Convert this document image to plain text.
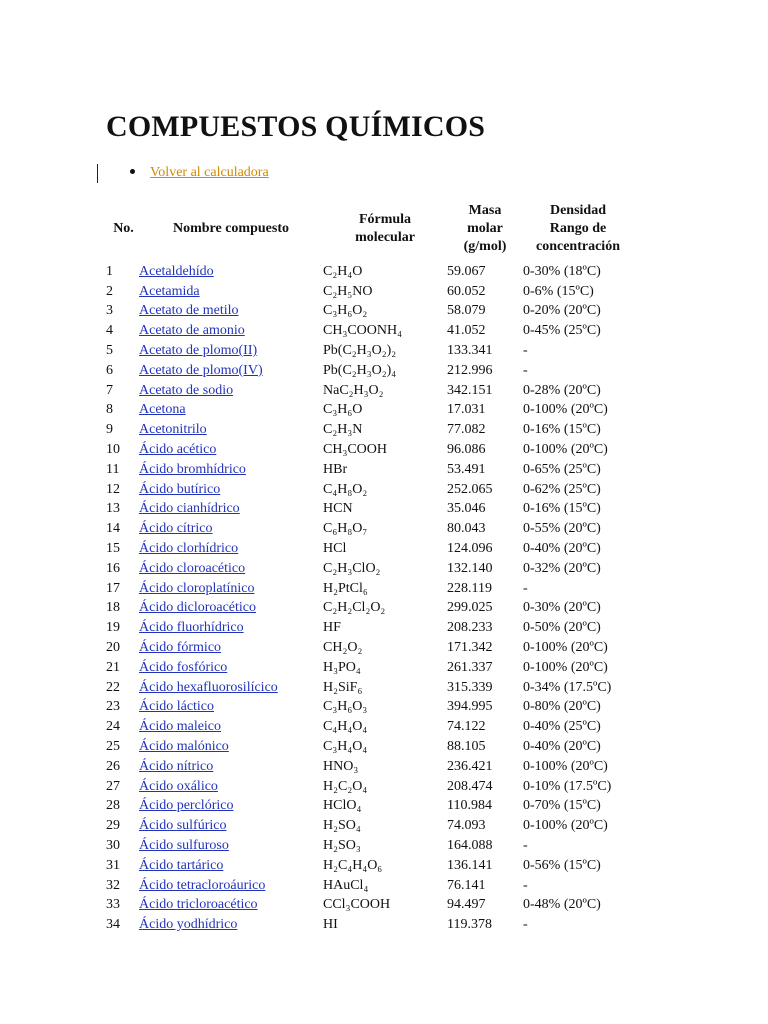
COMPUESTOS QUÍMICOS
Volver al calculadora
No.	Nombre compuesto	Fórmula
molecular	Masa
molar
(g/mol)	Densidad
Rango de
concentración
1	Acetaldehído	C₂H₄O	59.067	0-30% (18ºC)
2	Acetamida	C₂H₅NO	60.052	0-6% (15ºC)
3	Acetato de metilo	C₃H₆O₂	58.079	0-20% (20ºC)
4	Acetato de amonio	CH₃COONH₄	41.052	0-45% (25ºC)
5	Acetato de plomo(II)	Pb(C₂H₃O₂)₂	133.341	-
6	Acetato de plomo(IV)	Pb(C₂H₃O₂)₄	212.996	-
7	Acetato de sodio	NaC₂H₃O₂	342.151	0-28% (20ºC)
8	Acetona	C₃H₆O	17.031	0-100% (20ºC)
9	Acetonitrilo	C₂H₃N	77.082	0-16% (15ºC)
10	Ácido acético	CH₃COOH	96.086	0-100% (20ºC)
11	Ácido bromhídrico	HBr	53.491	0-65% (25ºC)
12	Ácido butírico	C₄H₈O₂	252.065	0-62% (25ºC)
13	Ácido cianhídrico	HCN	35.046	0-16% (15ºC)
14	Ácido cítrico	C₆H₈O₇	80.043	0-55% (20ºC)
15	Ácido clorhídrico	HCl	124.096	0-40% (20ºC)
16	Ácido cloroacético	C₂H₃ClO₂	132.140	0-32% (20ºC)
17	Ácido cloroplatínico	H₂PtCl₆	228.119	-
18	Ácido dicloroacético	C₂H₂Cl₂O₂	299.025	0-30% (20ºC)
19	Ácido fluorhídrico	HF	208.233	0-50% (20ºC)
20	Ácido fórmico	CH₂O₂	171.342	0-100% (20ºC)
21	Ácido fosfórico	H₃PO₄	261.337	0-100% (20ºC)
22	Ácido hexafluorosilícico	H₂SiF₆	315.339	0-34% (17.5ºC)
23	Ácido láctico	C₃H₆O₃	394.995	0-80% (20ºC)
24	Ácido maleico	C₄H₄O₄	74.122	0-40% (25ºC)
25	Ácido malónico	C₃H₄O₄	88.105	0-40% (20ºC)
26	Ácido nítrico	HNO₃	236.421	0-100% (20ºC)
27	Ácido oxálico	H₂C₂O₄	208.474	0-10% (17.5ºC)
28	Ácido perclórico	HClO₄	110.984	0-70% (15ºC)
29	Ácido sulfúrico	H₂SO₄	74.093	0-100% (20ºC)
30	Ácido sulfuroso	H₂SO₃	164.088	-
31	Ácido tartárico	H₂C₄H₄O₆	136.141	0-56% (15ºC)
32	Ácido tetracloroáurico	HAuCl₄	76.141	-
33	Ácido tricloroacético	CCl₃COOH	94.497	0-48% (20ºC)
34	Ácido yodhídrico	HI	119.378	-
